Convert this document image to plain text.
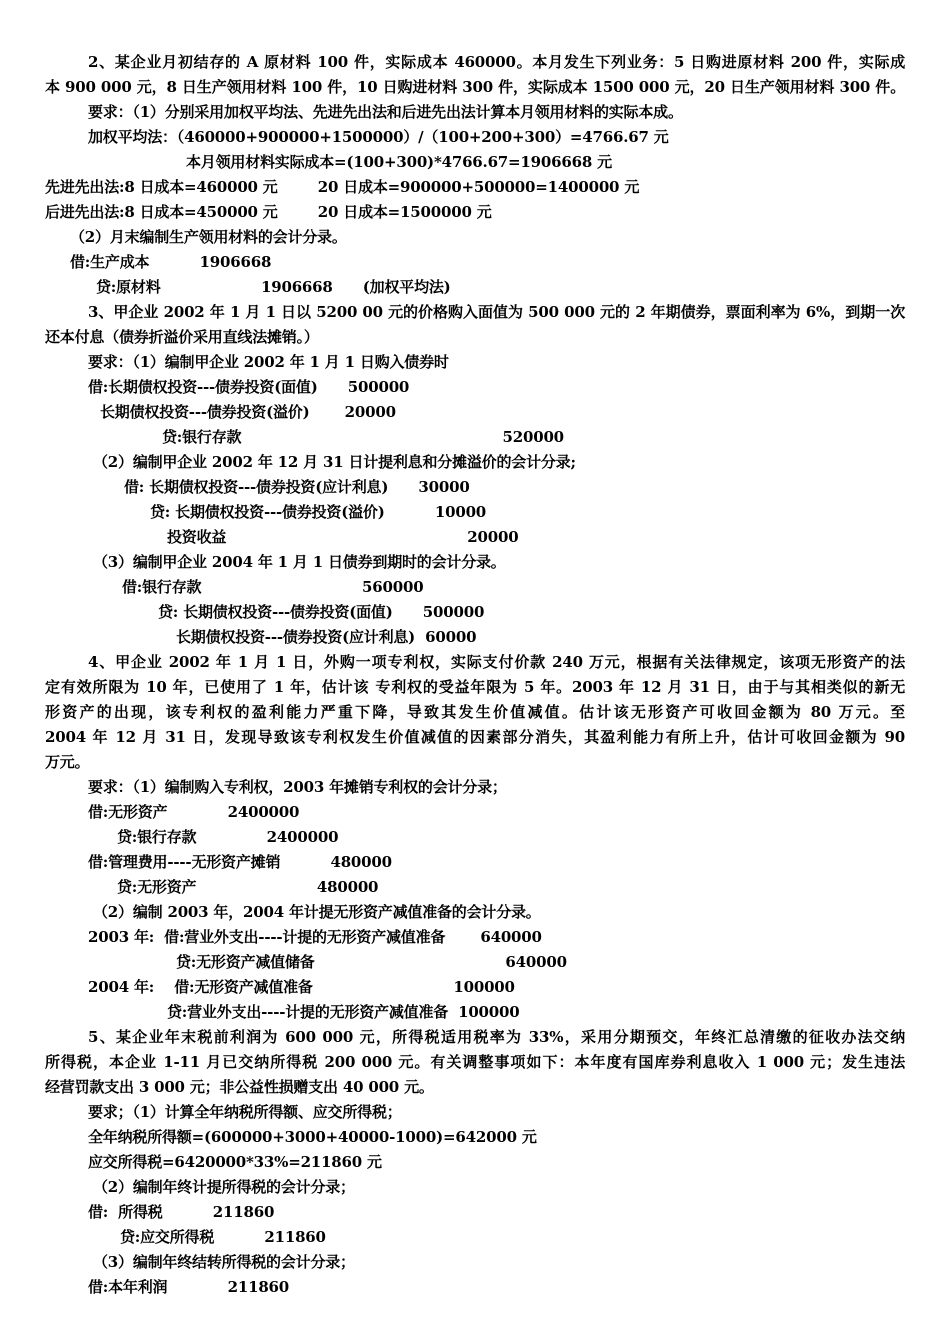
2、某企业月初结存的 A 原材料 100 件，实际成本 460000。本月发生下列业务：5 日购进原材料 200 件，实际成
本 900 000 元，8 日生产领用材料 100 件，10 日购进材料 300 件，实际成本 1500 000 元，20 日生产领用材料 300 件。
要求：（1）分别采用加权平均法、先进先出法和后进先出法计算本月领用材料的实际本成。
加权平均法：（460000+900000+1500000）/（100+200+300）=4766.67 元
本月领用材料实际成本=(100+300)*4766.67=1906668 元
先进先出法:8 日成本=460000 元        20 日成本=900000+500000=1400000 元
后进先出法:8 日成本=450000 元        20 日成本=1500000 元
（2）月末编制生产领用材料的会计分录。
借:生产成本          1906668
贷:原材料                    1906668      (加权平均法)
3、甲企业 2002 年 1 月 1 日以 5200 00 元的价格购入面值为 500 000 元的 2 年期债券，票面利率为 6%，到期一次
还本付息（债券折溢价采用直线法摊销。）
要求：（1）编制甲企业 2002 年 1 月 1 日购入债券时
借:长期债权投资---债券投资(面值)      500000
长期债权投资---债券投资(溢价)       20000
贷:银行存款                                                    520000
（2）编制甲企业 2002 年 12 月 31 日计提利息和分摊溢价的会计分录;
借: 长期债权投资---债券投资(应计利息)      30000
贷: 长期债权投资---债券投资(溢价)          10000
投资收益                                                20000
（3）编制甲企业 2004 年 1 月 1 日债券到期时的会计分录。
借:银行存款                                560000
贷: 长期债权投资---债券投资(面值)      500000
长期债权投资---债券投资(应计利息)  60000
4、甲企业 2002 年 1 月 1 日，外购一项专利权，实际支付价款 240 万元，根据有关法律规定，该项无形资产的法
定有效所限为 10 年，已使用了 1 年，估计该 专利权的受益年限为 5 年。2003 年 12 月 31 日，由于与其相类似的新无
形资产的出现，该专利权的盈利能力严重下降，导致其发生价值减值。估计该无形资产可收回金额为 80 万元。至
2004 年 12 月 31 日，发现导致该专利权发生价值减值的因素部分消失，其盈利能力有所上升，估计可收回金额为 90
万元。
要求：（1）编制购入专利权，2003 年摊销专利权的会计分录；
借:无形资产            2400000
贷:银行存款              2400000
借:管理费用----无形资产摊销          480000
贷:无形资产                        480000
（2）编制 2003 年，2004 年计提无形资产减值准备的会计分录。
2003 年:  借:营业外支出----计提的无形资产减值准备       640000
贷:无形资产减值储备                                      640000
2004 年:    借:无形资产减值准备                            100000
贷:营业外支出----计提的无形资产减值准备  100000
5、某企业年末税前利润为 600 000 元，所得税适用税率为 33%，采用分期预交，年终汇总清缴的征收办法交纳
所得税，本企业 1-11 月已交纳所得税 200 000 元。有关调整事项如下：本年度有国库券利息收入 1 000 元；发生违法
经营罚款支出 3 000 元；非公益性损赠支出 40 000 元。
要求；（1）计算全年纳税所得额、应交所得税；
全年纳税所得额=(600000+3000+40000-1000)=642000 元
应交所得税=6420000*33%=211860 元
（2）编制年终计提所得税的会计分录；
借:  所得税          211860
贷:应交所得税          211860
（3）编制年终结转所得税的会计分录；
借:本年利润            211860
